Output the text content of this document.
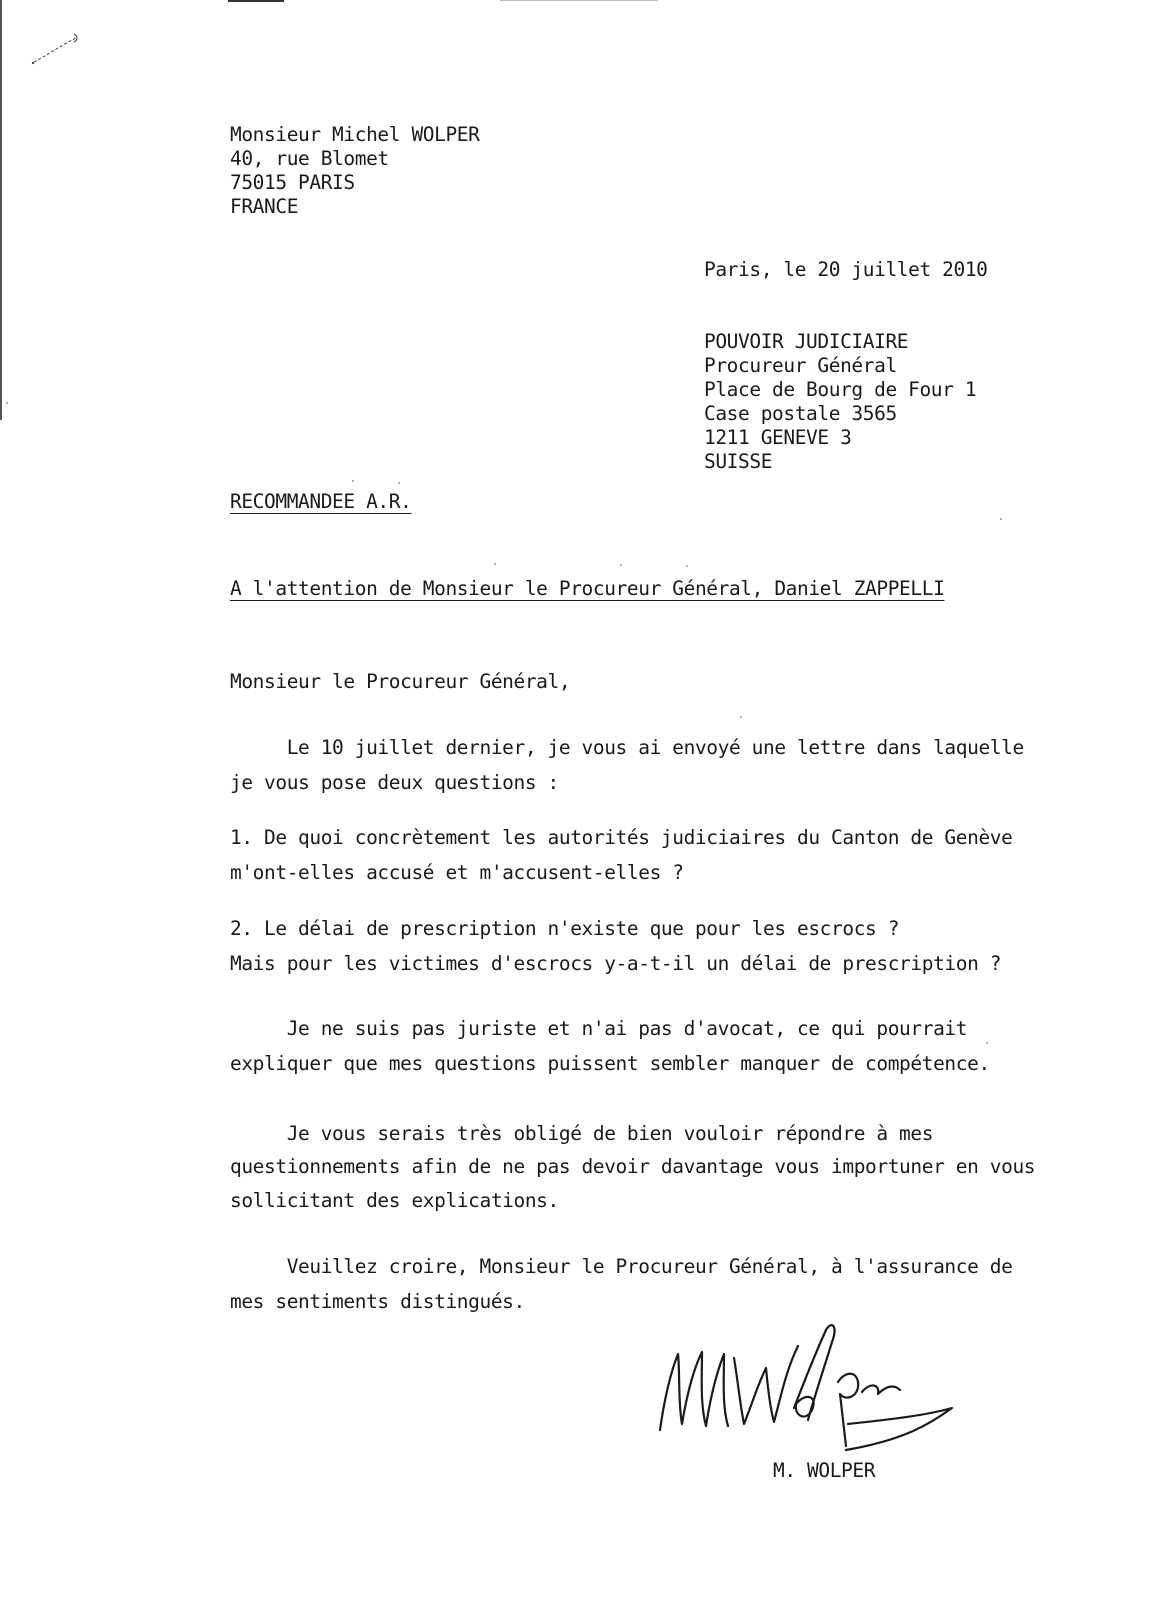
Monsieur Michel WOLPER
40, rue Blomet
75015 PARIS
FRANCE
Paris, le 20 juillet 2010
POUVOIR JUDICIAIRE
Procureur Général
Place de Bourg de Four 1
Case postale 3565
1211 GENEVE 3
SUISSE
RECOMMANDEE A.R.
A l'attention de Monsieur le Procureur Général, Daniel ZAPPELLI
Monsieur le Procureur Général,
Le 10 juillet dernier, je vous ai envoyé une lettre dans laquelle
je vous pose deux questions :
1. De quoi concrètement les autorités judiciaires du Canton de Genève
m'ont-elles accusé et m'accusent-elles ?
2. Le délai de prescription n'existe que pour les escrocs ?
Mais pour les victimes d'escrocs y-a-t-il un délai de prescription ?
Je ne suis pas juriste et n'ai pas d'avocat, ce qui pourrait
expliquer que mes questions puissent sembler manquer de compétence.
Je vous serais très obligé de bien vouloir répondre à mes
questionnements afin de ne pas devoir davantage vous importuner en vous
sollicitant des explications.
Veuillez croire, Monsieur le Procureur Général, à l'assurance de
mes sentiments distingués.
M. WOLPER
